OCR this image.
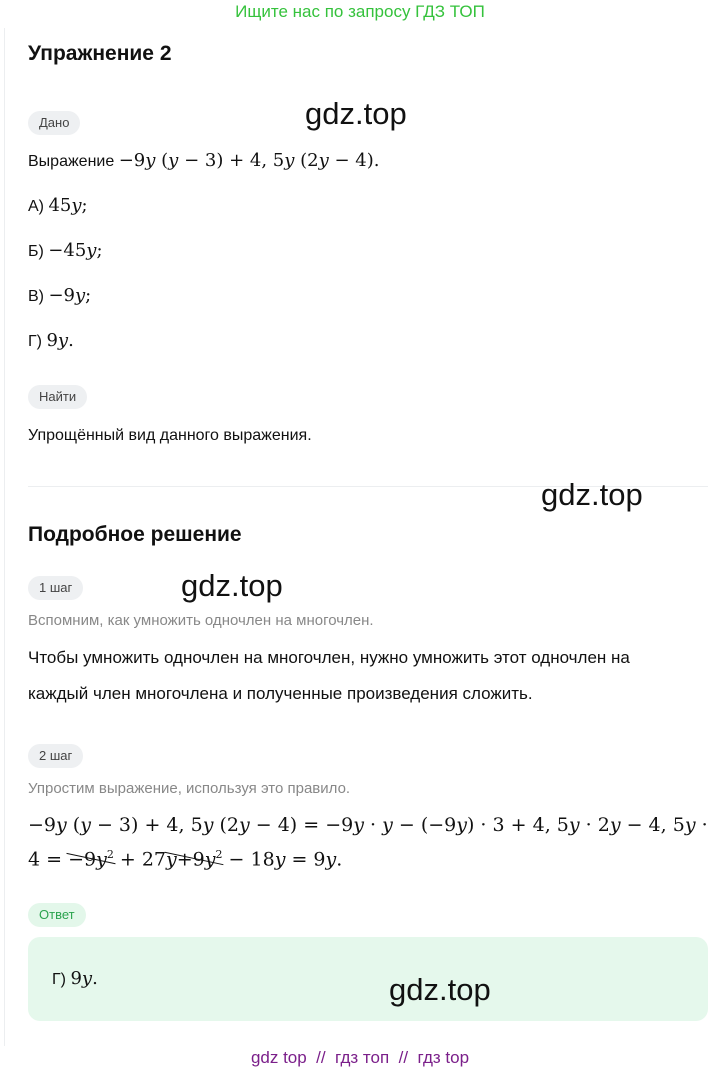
Ищите нас по запросу ГДЗ ТОП
Упражнение 2
Дано
Выражение −9y (y − 3) + 4, 5y (2y − 4).
А) 45y;
Б) −45y;
В) −9y;
Г) 9y.
Найти
Упрощённый вид данного выражения.
Подробное решение
1 шаг
Вспомним, как умножить одночлен на многочлен.
Чтобы умножить одночлен на многочлен, нужно умножить этот одночлен на
каждый член многочлена и полученные произведения сложить.
2 шаг
Упростим выражение, используя это правило.
−9y (y − 3) + 4, 5y (2y − 4) = −9y · y − (−9y) · 3 + 4, 5y · 2y − 4, 5y ·
$4 = -9y^2 + 27y+9y^2 - 18y = 9y$.
Ответ
Г) 9y.
gdz.top
gdz.top
gdz.top
gdz.top
gdz top  //  гдз топ  //  гдз top
